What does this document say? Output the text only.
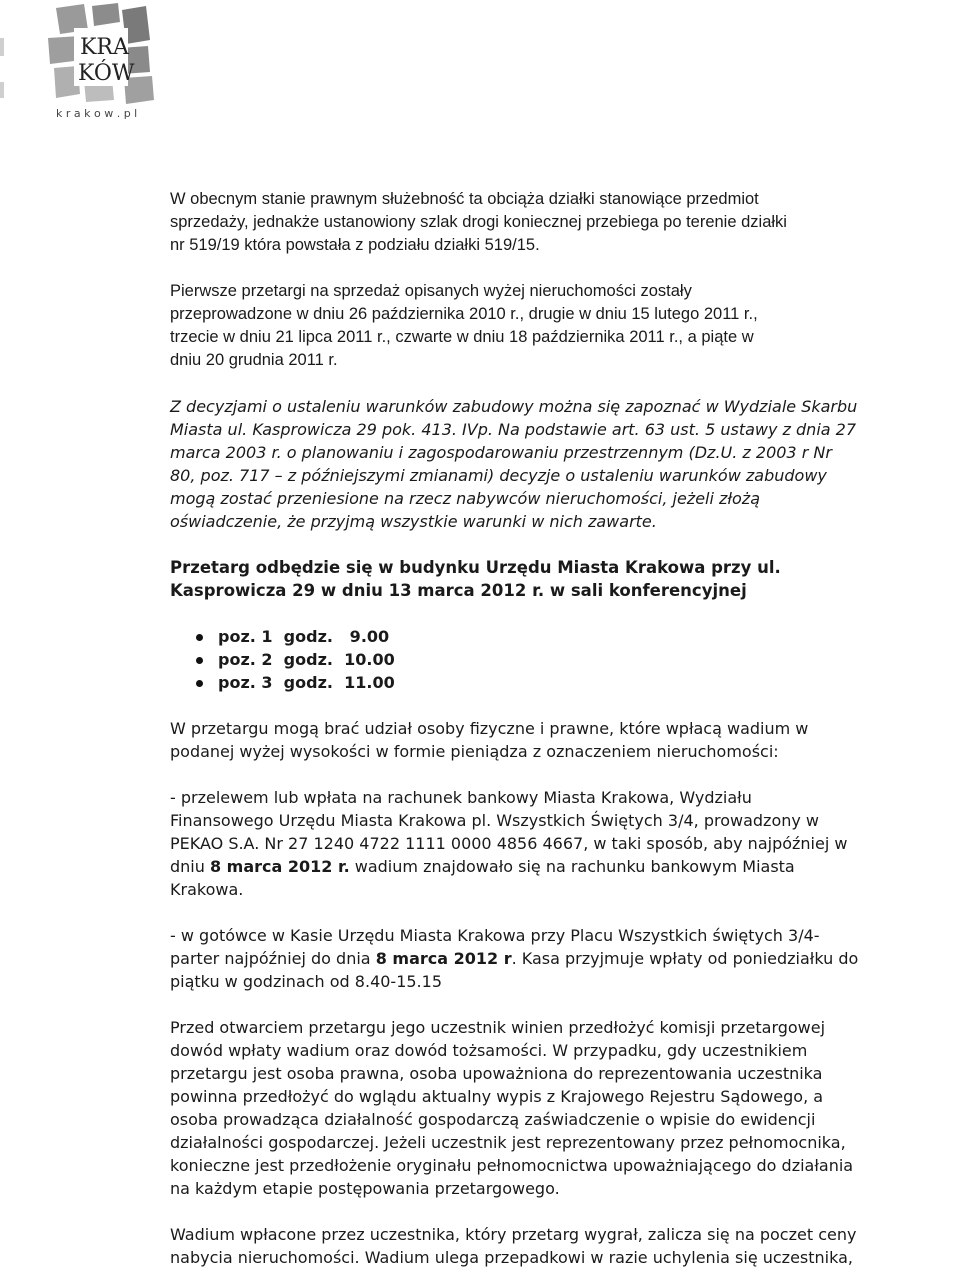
KRA
KÓW
k r a k o w . p l

W obecnym stanie prawnym służebność ta obciąża działki stanowiące przedmiot
sprzedaży, jednakże ustanowiony szlak drogi koniecznej przebiega po terenie działki
nr 519/19 która powstała z podziału działki 519/15.

Pierwsze przetargi na sprzedaż opisanych wyżej nieruchomości zostały
przeprowadzone w dniu 26 października 2010 r., drugie w dniu 15 lutego 2011 r.,
trzecie w dniu 21 lipca 2011 r., czwarte w dniu 18 października 2011 r., a piąte w
dniu 20 grudnia 2011 r.

Z decyzjami o ustaleniu warunków zabudowy można się zapoznać w Wydziale Skarbu
Miasta ul. Kasprowicza 29 pok. 413. IVp. Na podstawie art. 63 ust. 5 ustawy z dnia 27
marca 2003 r. o planowaniu i zagospodarowaniu przestrzennym (Dz.U. z 2003 r Nr
80, poz. 717 – z późniejszymi zmianami) decyzje o ustaleniu warunków zabudowy
mogą zostać przeniesione na rzecz nabywców nieruchomości, jeżeli złożą
oświadczenie, że przyjmą wszystkie warunki w nich zawarte.

Przetarg odbędzie się w budynku Urzędu Miasta Krakowa przy ul.
Kasprowicza 29 w dniu 13 marca 2012 r. w sali konferencyjnej

poz. 1  godz.   9.00
poz. 2  godz.  10.00
poz. 3  godz.  11.00

W przetargu mogą brać udział osoby fizyczne i prawne, które wpłacą wadium w
podanej wyżej wysokości w formie pieniądza z oznaczeniem nieruchomości:

- przelewem lub wpłata na rachunek bankowy Miasta Krakowa, Wydziału
Finansowego Urzędu Miasta Krakowa pl. Wszystkich Świętych 3/4, prowadzony w
PEKAO S.A. Nr 27 1240 4722 1111 0000 4856 4667, w taki sposób, aby najpóźniej w
dniu 8 marca 2012 r. wadium znajdowało się na rachunku bankowym Miasta
Krakowa.

- w gotówce w Kasie Urzędu Miasta Krakowa przy Placu Wszystkich świętych 3/4-
parter najpóźniej do dnia 8 marca 2012 r. Kasa przyjmuje wpłaty od poniedziałku do
piątku w godzinach od 8.40-15.15

Przed otwarciem przetargu jego uczestnik winien przedłożyć komisji przetargowej
dowód wpłaty wadium oraz dowód tożsamości. W przypadku, gdy uczestnikiem
przetargu jest osoba prawna, osoba upoważniona do reprezentowania uczestnika
powinna przedłożyć do wglądu aktualny wypis z Krajowego Rejestru Sądowego, a
osoba prowadząca działalność gospodarczą zaświadczenie o wpisie do ewidencji
działalności gospodarczej. Jeżeli uczestnik jest reprezentowany przez pełnomocnika,
konieczne jest przedłożenie oryginału pełnomocnictwa upoważniającego do działania
na każdym etapie postępowania przetargowego.

Wadium wpłacone przez uczestnika, który przetarg wygrał, zalicza się na poczet ceny
nabycia nieruchomości. Wadium ulega przepadkowi w razie uchylenia się uczestnika,
